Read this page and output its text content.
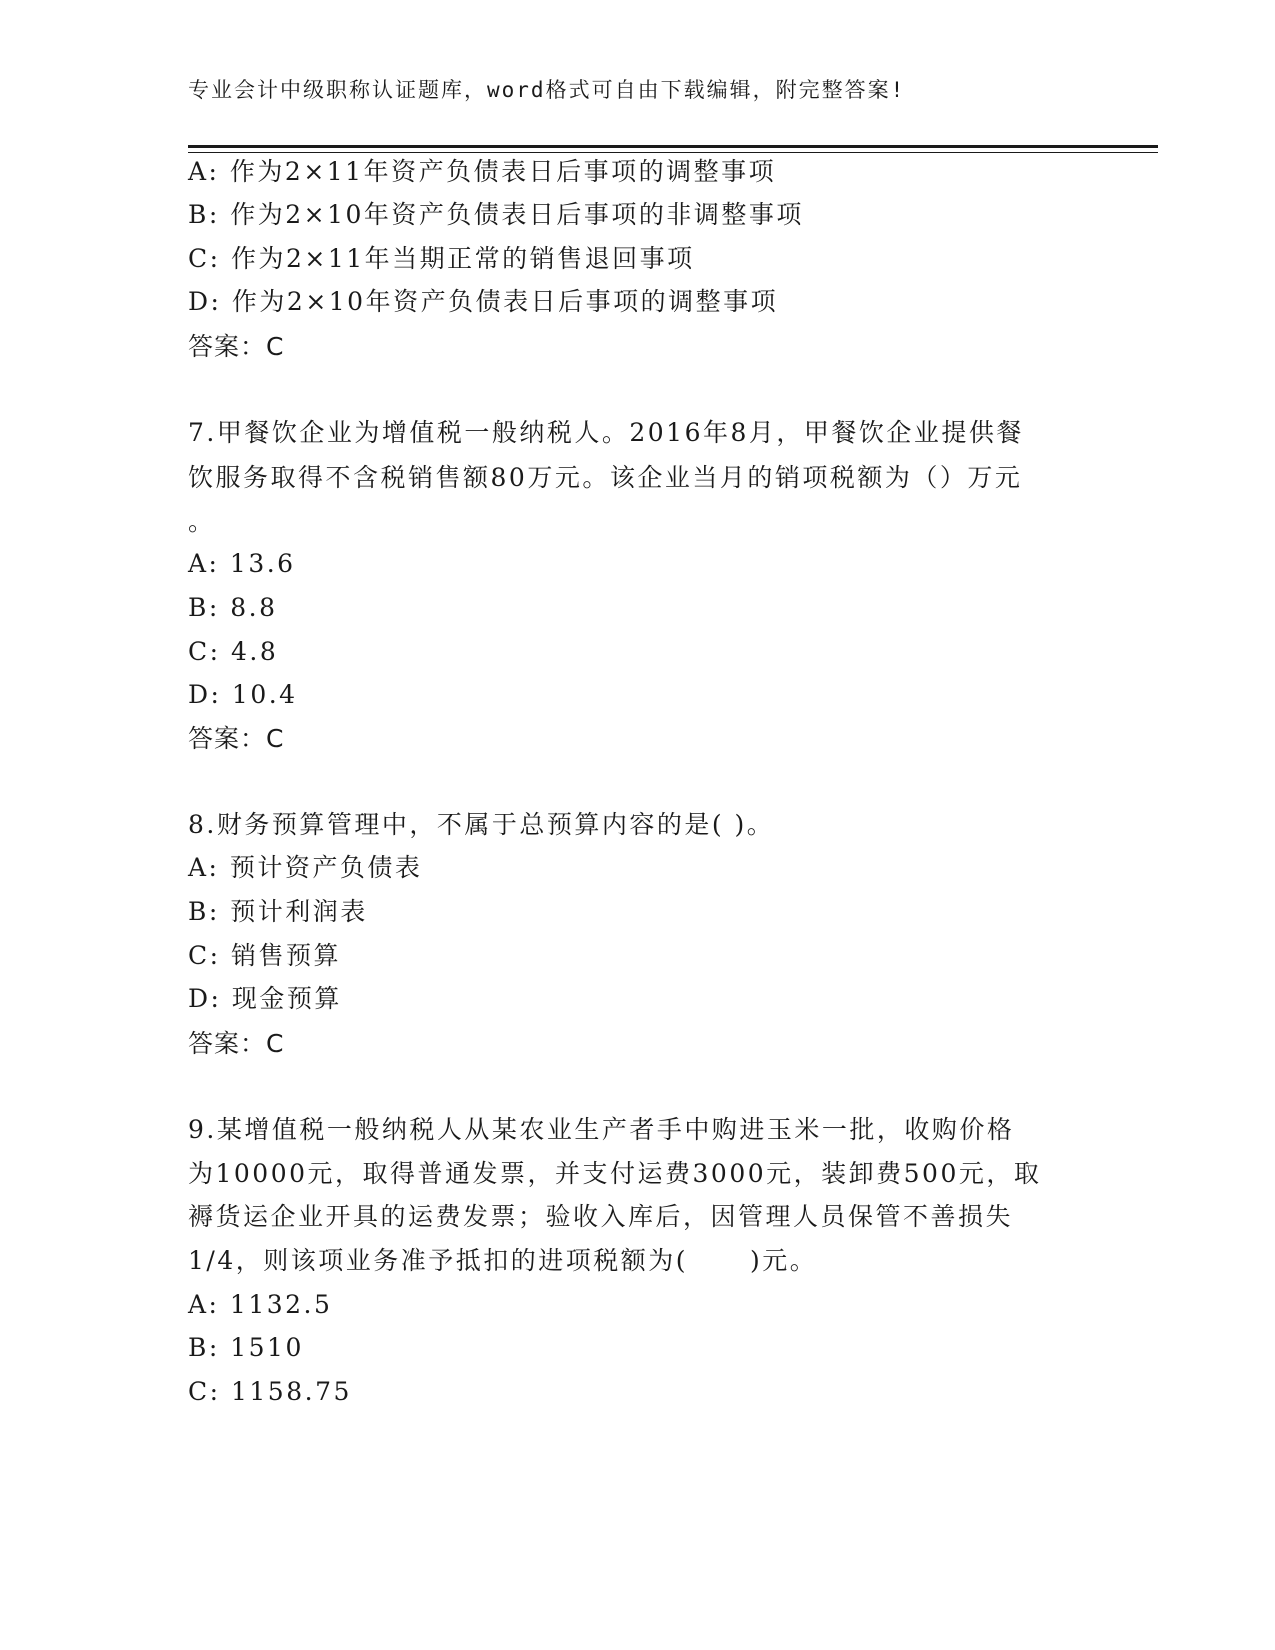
专业会计中级职称认证题库，word格式可自由下载编辑，附完整答案!
A: 作为2×11年资产负债表日后事项的调整事项
B: 作为2×10年资产负债表日后事项的非调整事项
C: 作为2×11年当期正常的销售退回事项
D: 作为2×10年资产负债表日后事项的调整事项
答案：C
7.甲餐饮企业为增值税一般纳税人。2016年8月，甲餐饮企业提供餐
饮服务取得不含税销售额80万元。该企业当月的销项税额为（）万元
。
A: 13.6
B: 8.8
C: 4.8
D: 10.4
答案：C
8.财务预算管理中，不属于总预算内容的是( )。
A: 预计资产负债表
B: 预计利润表
C: 销售预算
D: 现金预算
答案：C
9.某增值税一般纳税人从某农业生产者手中购进玉米一批，收购价格
为10000元，取得普通发票，并支付运费3000元，装卸费500元，取
褥货运企业开具的运费发票；验收入库后，因管理人员保管不善损失
1/4，则该项业务准予抵扣的进项税额为( )元。
A: 1132.5
B: 1510
C: 1158.75
